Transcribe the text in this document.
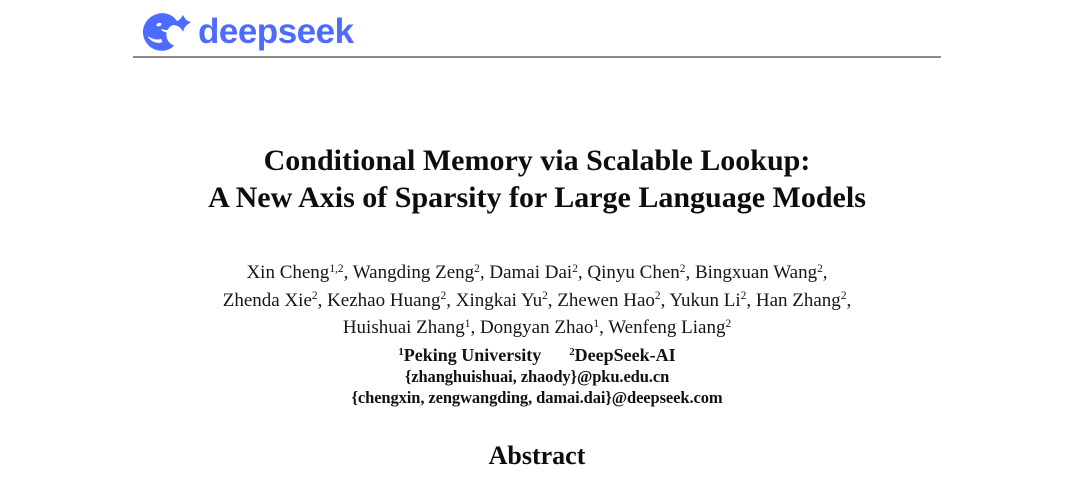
deepseek
Conditional Memory via Scalable Lookup:
A New Axis of Sparsity for Large Language Models
Xin Cheng$^{1,2}$, Wangding Zeng$^2$, Damai Dai$^2$, Qinyu Chen$^2$, Bingxuan Wang$^2$,
Zhenda Xie$^2$, Kezhao Huang$^2$, Xingkai Yu$^2$, Zhewen Hao$^2$, Yukun Li$^2$, Han Zhang$^2$,
Huishuai Zhang$^1$, Dongyan Zhao$^1$, Wenfeng Liang$^2$
$^1$Peking University	$^2$DeepSeek-AI
{zhanghuishuai, zhaody}@pku.edu.cn
{chengxin, zengwangding, damai.dai}@deepseek.com
Abstract
